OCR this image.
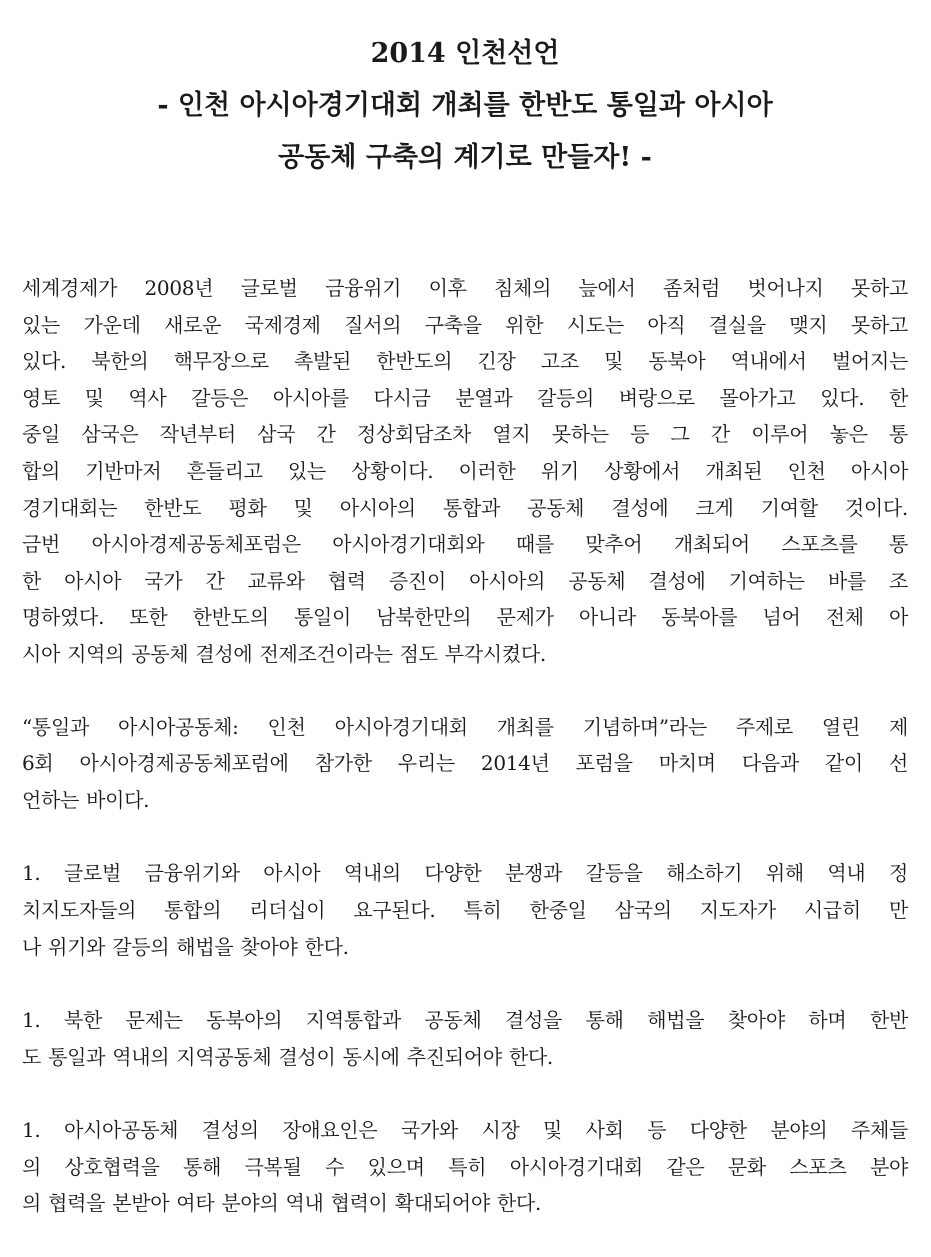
2014 인천선언

- 인천 아시아경기대회 개최를 한반도 통일과 아시아

공동체 구축의 계기로 만들자! -

세계경제가 2008년 글로벌 금융위기 이후 침체의 늪에서 좀처럼 벗어나지 못하고
있는 가운데 새로운 국제경제 질서의 구축을 위한 시도는 아직 결실을 맺지 못하고
있다. 북한의 핵무장으로 촉발된 한반도의 긴장 고조 및 동북아 역내에서 벌어지는
영토 및 역사 갈등은 아시아를 다시금 분열과 갈등의 벼랑으로 몰아가고 있다. 한
중일 삼국은 작년부터 삼국 간 정상회담조차 열지 못하는 등 그 간 이루어 놓은 통
합의 기반마저 흔들리고 있는 상황이다. 이러한 위기 상황에서 개최된 인천 아시아
경기대회는 한반도 평화 및 아시아의 통합과 공동체 결성에 크게 기여할 것이다.
금번 아시아경제공동체포럼은 아시아경기대회와 때를 맞추어 개최되어 스포츠를 통
한 아시아 국가 간 교류와 협력 증진이 아시아의 공동체 결성에 기여하는 바를 조
명하였다. 또한 한반도의 통일이 남북한만의 문제가 아니라 동북아를 넘어 전체 아
시아 지역의 공동체 결성에 전제조건이라는 점도 부각시켰다.
“통일과 아시아공동체: 인천 아시아경기대회 개최를 기념하며”라는 주제로 열린 제
6회 아시아경제공동체포럼에 참가한 우리는 2014년 포럼을 마치며 다음과 같이 선
언하는 바이다.
1. 글로벌 금융위기와 아시아 역내의 다양한 분쟁과 갈등을 해소하기 위해 역내 정
치지도자들의 통합의 리더십이 요구된다. 특히 한중일 삼국의 지도자가 시급히 만
나 위기와 갈등의 해법을 찾아야 한다.
1. 북한 문제는 동북아의 지역통합과 공동체 결성을 통해 해법을 찾아야 하며 한반
도 통일과 역내의 지역공동체 결성이 동시에 추진되어야 한다.
1. 아시아공동체 결성의 장애요인은 국가와 시장 및 사회 등 다양한 분야의 주체들
의 상호협력을 통해 극복될 수 있으며 특히 아시아경기대회 같은 문화 스포츠 분야
의 협력을 본받아 여타 분야의 역내 협력이 확대되어야 한다.
